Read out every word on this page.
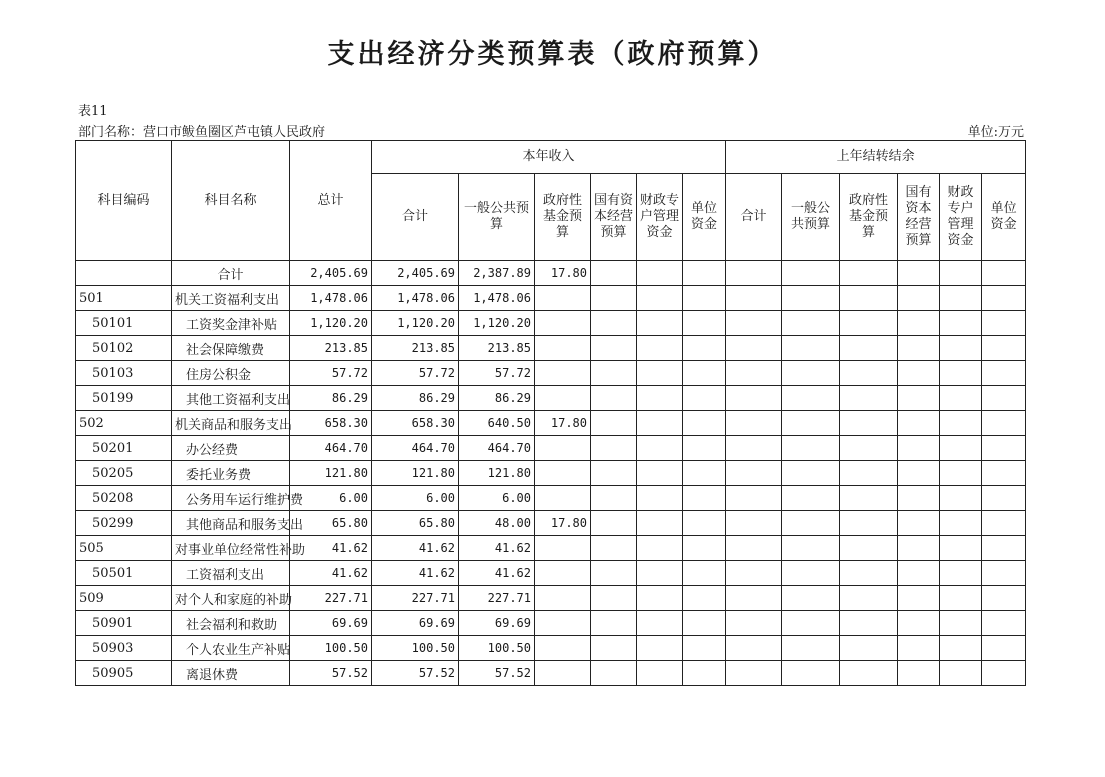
支出经济分类预算表（政府预算）
表11
部门名称：营口市鲅鱼圈区芦屯镇人民政府	单位:万元
科目编码	科目名称	总计	本年收入						上年结转结余					
			合计	一般公共预算	政府性基金预算	国有资本经营预算	财政专户管理资金	单位资金	合计	一般公共预算	政府性基金预算	国有资本经营预算	财政专户管理资金	单位资金
	合计	2,405.69	2,405.69	2,387.89	17.80									
501	机关工资福利支出	1,478.06	1,478.06	1,478.06										
50101	工资奖金津补贴	1,120.20	1,120.20	1,120.20										
50102	社会保障缴费	213.85	213.85	213.85										
50103	住房公积金	57.72	57.72	57.72										
50199	其他工资福利支出	86.29	86.29	86.29										
502	机关商品和服务支出	658.30	658.30	640.50	17.80									
50201	办公经费	464.70	464.70	464.70										
50205	委托业务费	121.80	121.80	121.80										
50208	公务用车运行维护费	6.00	6.00	6.00										
50299	其他商品和服务支出	65.80	65.80	48.00	17.80									
505	对事业单位经常性补助	41.62	41.62	41.62										
50501	工资福利支出	41.62	41.62	41.62										
509	对个人和家庭的补助	227.71	227.71	227.71										
50901	社会福利和救助	69.69	69.69	69.69										
50903	个人农业生产补贴	100.50	100.50	100.50										
50905	离退休费	57.52	57.52	57.52										
